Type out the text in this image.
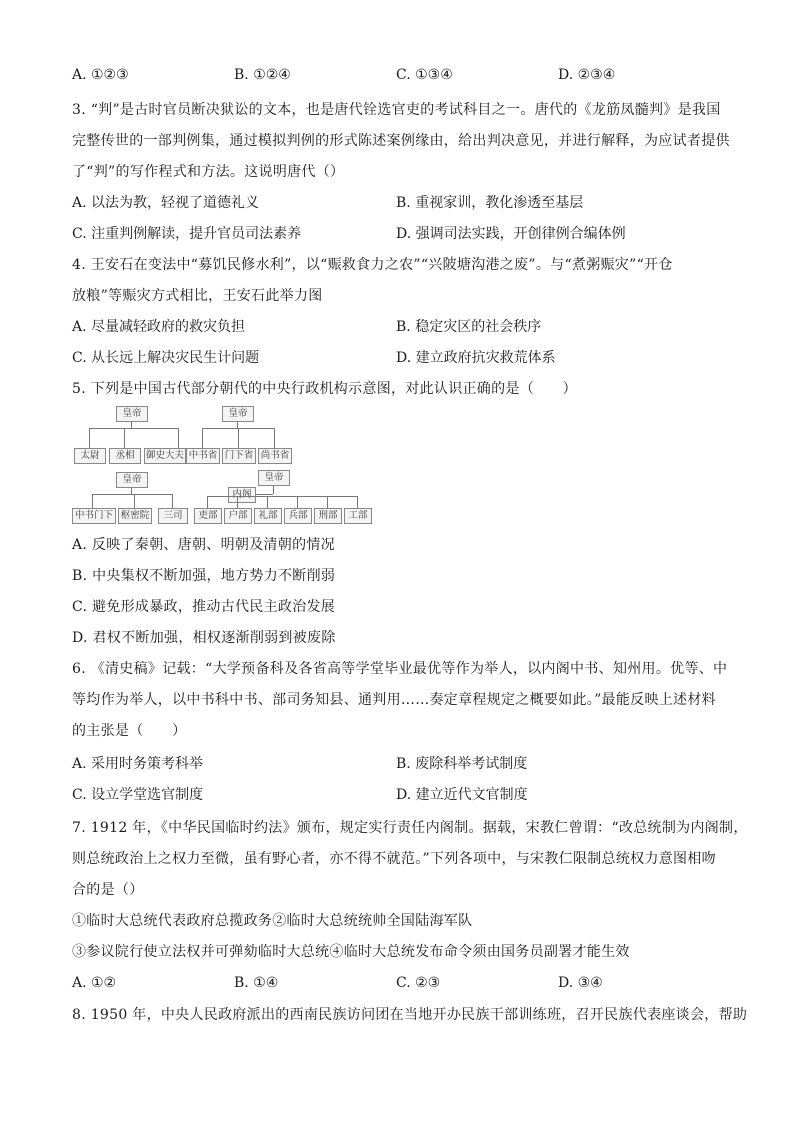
A. ①②③	B. ①②④	C. ①③④	D. ②③④
3. “判”是古时官员断决狱讼的文本，也是唐代铨选官吏的考试科目之一。唐代的《龙筋凤髓判》是我国
完整传世的一部判例集，通过模拟判例的形式陈述案例缘由，给出判决意见，并进行解释，为应试者提供
了“判”的写作程式和方法。这说明唐代（）
A. 以法为教，轻视了道德礼义	B. 重视家训，教化渗透至基层
C. 注重判例解读，提升官员司法素养	D. 强调司法实践，开创律例合编体例
4. 王安石在变法中“募饥民修水利”，以“赈救食力之农”“兴陂塘沟港之废”。与“煮粥赈灾”“开仓
放粮”等赈灾方式相比，王安石此举力图
A. 尽量减轻政府的救灾负担	B. 稳定灾区的社会秩序
C. 从长远上解决灾民生计问题	D. 建立政府抗灾救荒体系
5. 下列是中国古代部分朝代的中央行政机构示意图，对此认识正确的是（　　）
皇帝
太尉	丞相	御史大夫
皇帝
中书省 门下省 尚书省
皇帝
中书门下 枢密院	三司
皇帝
内阁
吏部	户部	礼部	兵部	刑部	工部
A. 反映了秦朝、唐朝、明朝及清朝的情况
B. 中央集权不断加强，地方势力不断削弱
C. 避免形成暴政，推动古代民主政治发展
D. 君权不断加强，相权逐渐削弱到被废除
6. 《清史稿》记载：“大学预备科及各省高等学堂毕业最优等作为举人，以内阁中书、知州用。优等、中
等均作为举人，以中书科中书、部司务知县、通判用……奏定章程规定之概要如此。”最能反映上述材料
的主张是（　　）
A. 采用时务策考科举	B. 废除科举考试制度
C. 设立学堂选官制度	D. 建立近代文官制度
7. 1912 年，《中华民国临时约法》颁布，规定实行责任内阁制。据载，宋教仁曾谓：“改总统制为内阁制，
则总统政治上之权力至微，虽有野心者，亦不得不就范。”下列各项中，与宋教仁限制总统权力意图相吻
合的是（）
①临时大总统代表政府总揽政务②临时大总统统帅全国陆海军队
③参议院行使立法权并可弹劾临时大总统④临时大总统发布命令须由国务员副署才能生效
A. ①②	B. ①④	C. ②③	D. ③④
8. 1950 年，中央人民政府派出的西南民族访问团在当地开办民族干部训练班，召开民族代表座谈会，帮助
